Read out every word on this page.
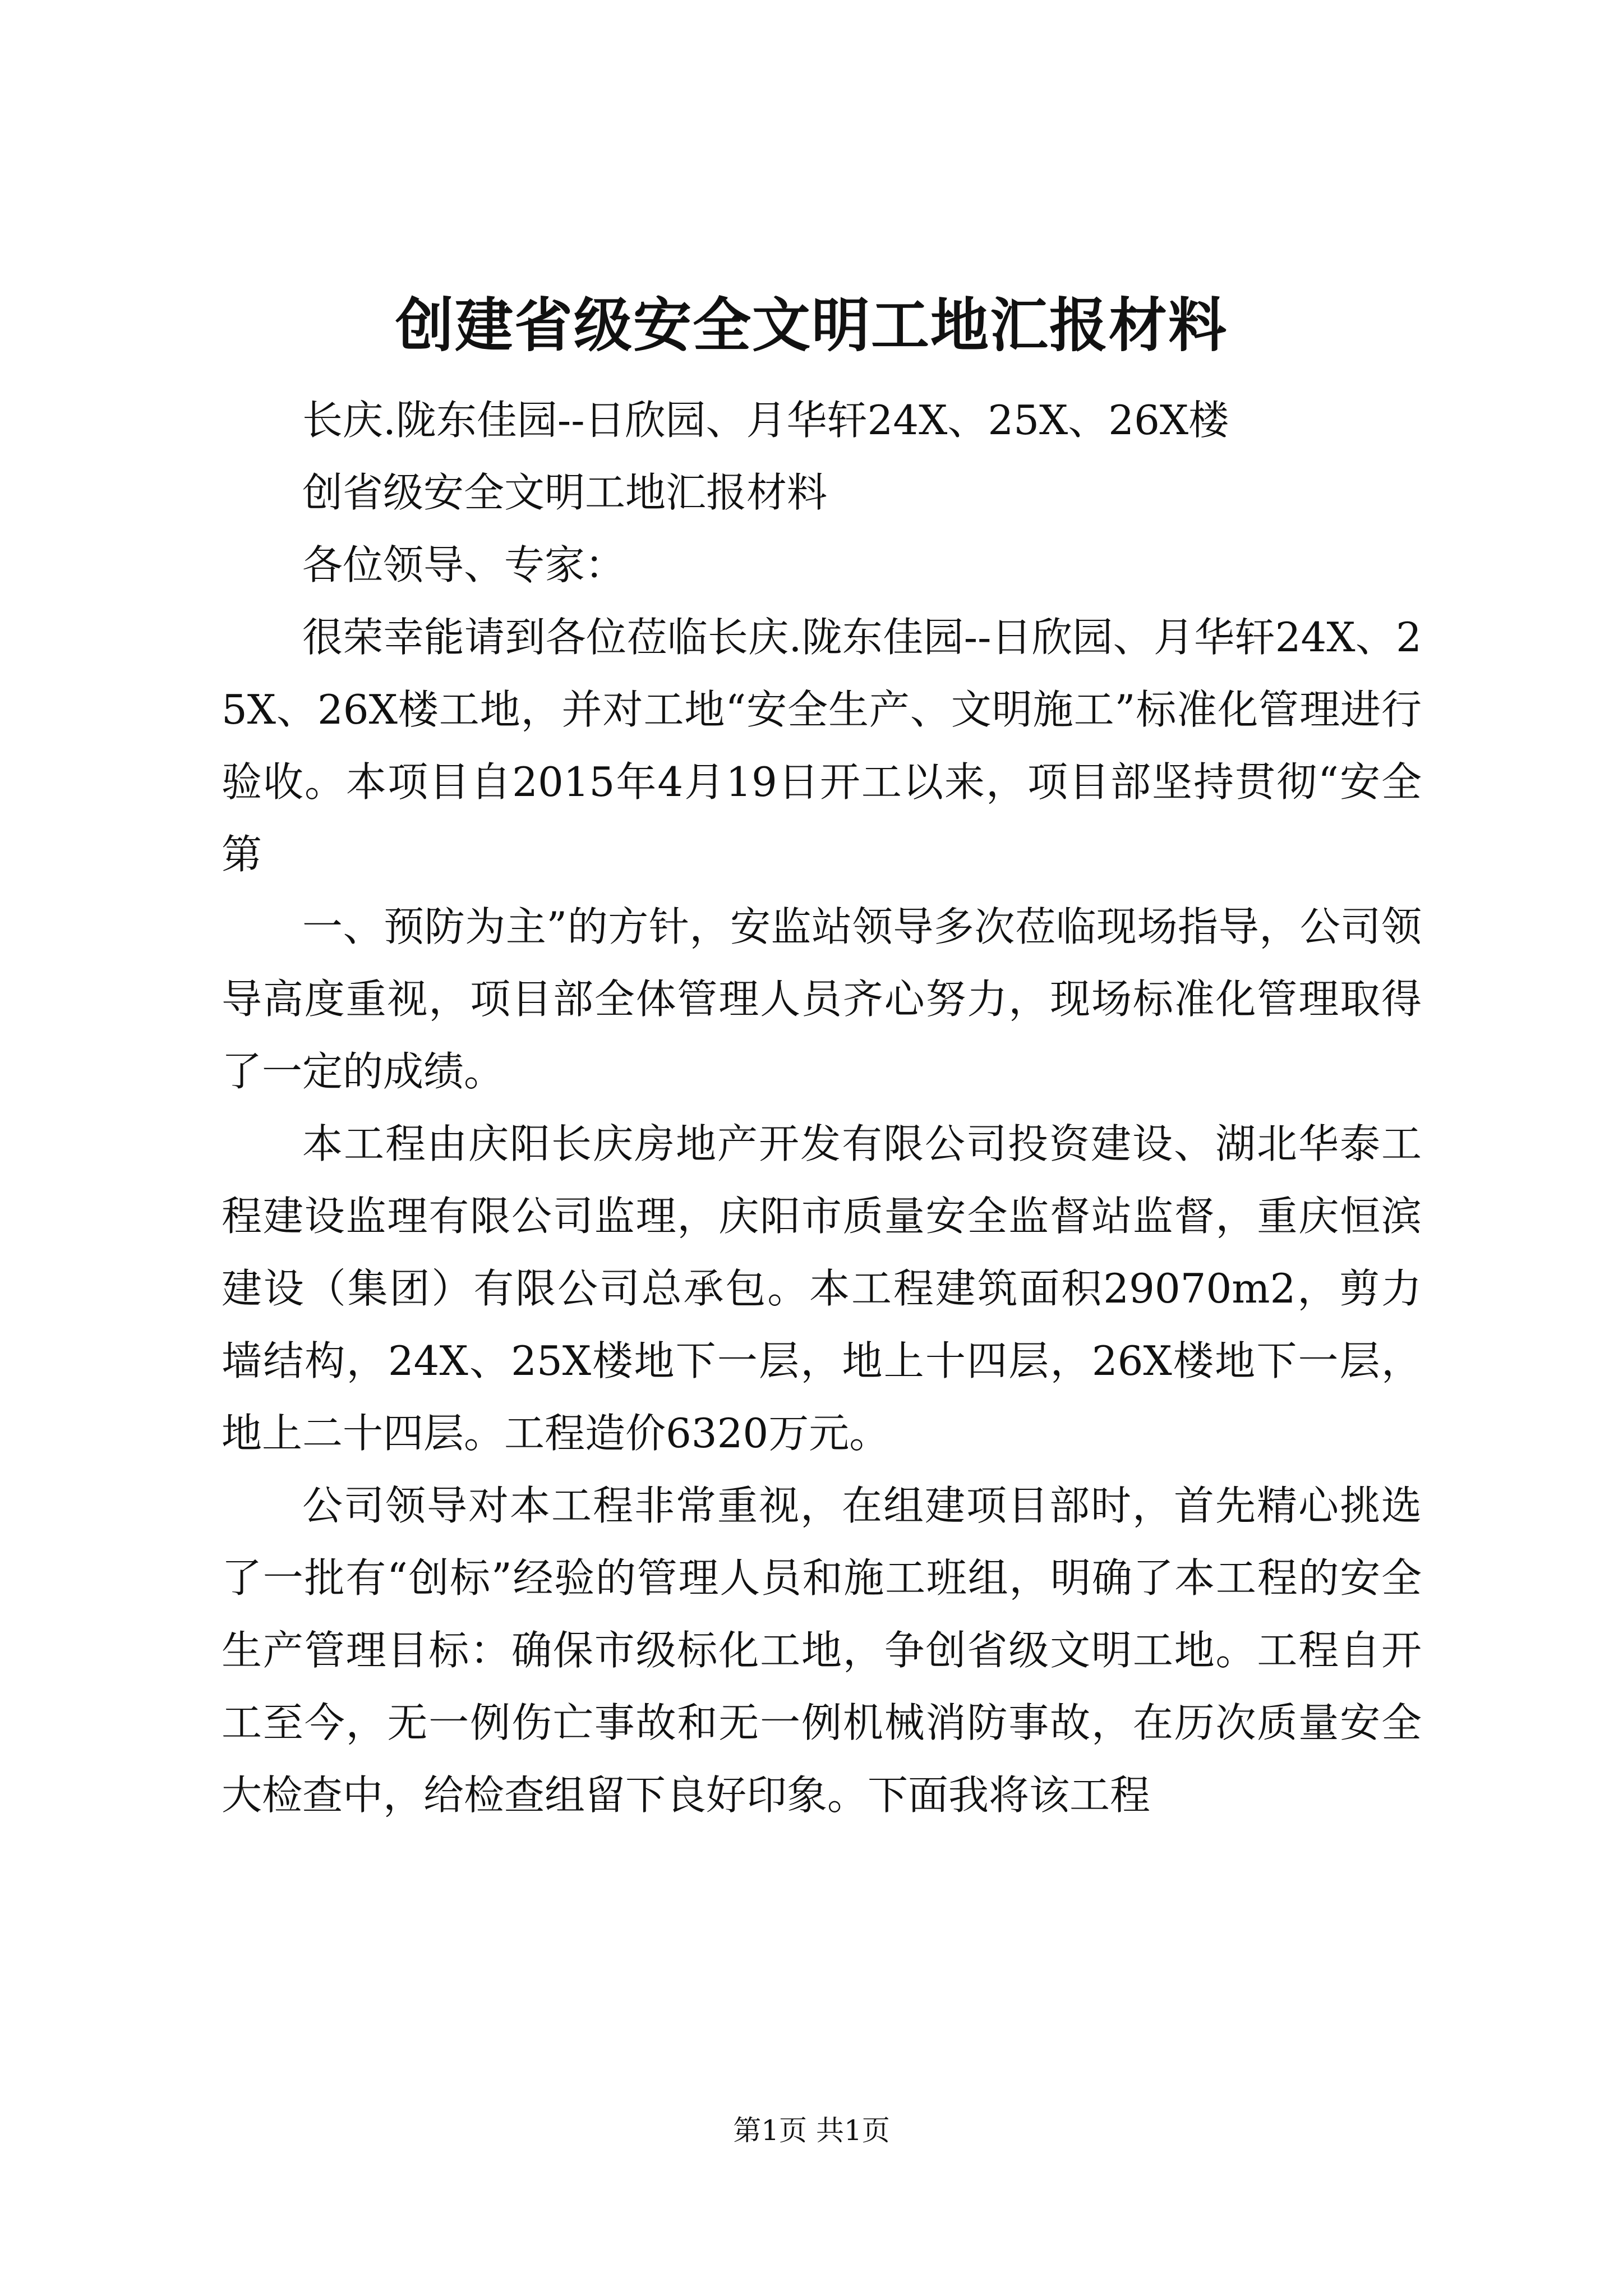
创建省级安全文明工地汇报材料

长庆.陇东佳园--日欣园、月华轩24X、25X、26X楼

创省级安全文明工地汇报材料

各位领导、专家：

很荣幸能请到各位莅临长庆.陇东佳园--日欣园、月华轩24X、25X、26X楼工地，并对工地“安全生产、文明施工”标准化管理进行验收。本项目自2015年4月19日开工以来，项目部坚持贯彻“安全第

一、预防为主”的方针，安监站领导多次莅临现场指导，公司领导高度重视，项目部全体管理人员齐心努力，现场标准化管理取得了一定的成绩。

本工程由庆阳长庆房地产开发有限公司投资建设、湖北华泰工程建设监理有限公司监理，庆阳市质量安全监督站监督，重庆恒滨建设（集团）有限公司总承包。本工程建筑面积29070m2，剪力墙结构，24X、25X楼地下一层，地上十四层，26X楼地下一层，地上二十四层。工程造价6320万元。

公司领导对本工程非常重视，在组建项目部时，首先精心挑选了一批有“创标”经验的管理人员和施工班组，明确了本工程的安全生产管理目标：确保市级标化工地，争创省级文明工地。工程自开工至今，无一例伤亡事故和无一例机械消防事故，在历次质量安全大检查中，给检查组留下良好印象。下面我将该工程

第1页 共1页
